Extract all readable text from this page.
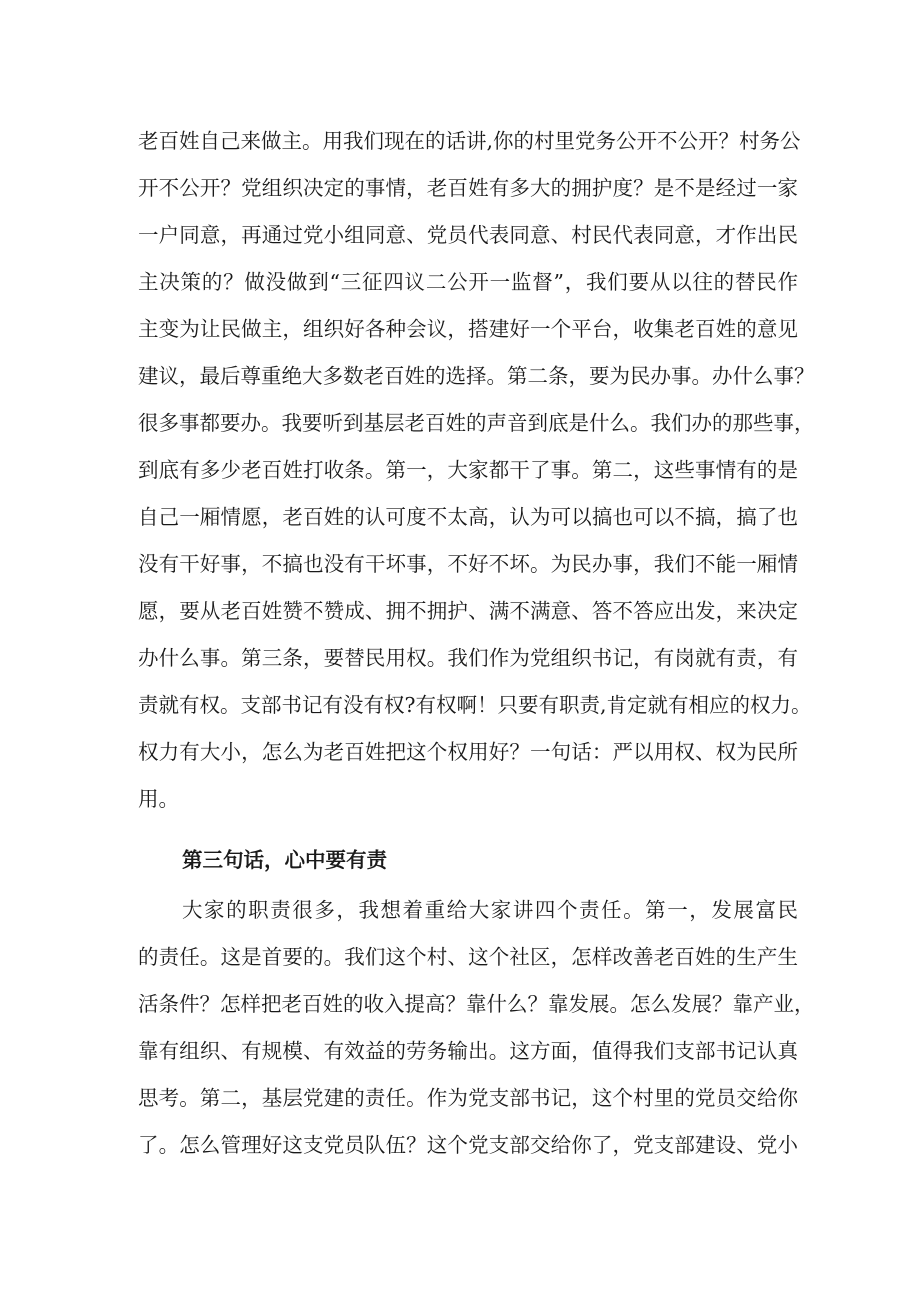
老百姓自己来做主。用我们现在的话讲,你的村里党务公开不公开？村务公
开不公开？党组织决定的事情，老百姓有多大的拥护度？是不是经过一家
一户同意，再通过党小组同意、党员代表同意、村民代表同意，才作出民
主决策的？做没做到“三征四议二公开一监督”，我们要从以往的替民作
主变为让民做主，组织好各种会议，搭建好一个平台，收集老百姓的意见
建议，最后尊重绝大多数老百姓的选择。第二条，要为民办事。办什么事？
很多事都要办。我要听到基层老百姓的声音到底是什么。我们办的那些事，
到底有多少老百姓打收条。第一，大家都干了事。第二，这些事情有的是
自己一厢情愿，老百姓的认可度不太高，认为可以搞也可以不搞，搞了也
没有干好事，不搞也没有干坏事，不好不坏。为民办事，我们不能一厢情
愿，要从老百姓赞不赞成、拥不拥护、满不满意、答不答应出发，来决定
办什么事。第三条，要替民用权。我们作为党组织书记，有岗就有责，有
责就有权。支部书记有没有权?有权啊！只要有职责,肯定就有相应的权力。
权力有大小，怎么为老百姓把这个权用好？一句话：严以用权、权为民所
用。
第三句话，心中要有责
大家的职责很多，我想着重给大家讲四个责任。第一，发展富民
的责任。这是首要的。我们这个村、这个社区，怎样改善老百姓的生产生
活条件？怎样把老百姓的收入提高？靠什么？靠发展。怎么发展？靠产业，
靠有组织、有规模、有效益的劳务输出。这方面，值得我们支部书记认真
思考。第二，基层党建的责任。作为党支部书记，这个村里的党员交给你
了。怎么管理好这支党员队伍？这个党支部交给你了，党支部建设、党小
